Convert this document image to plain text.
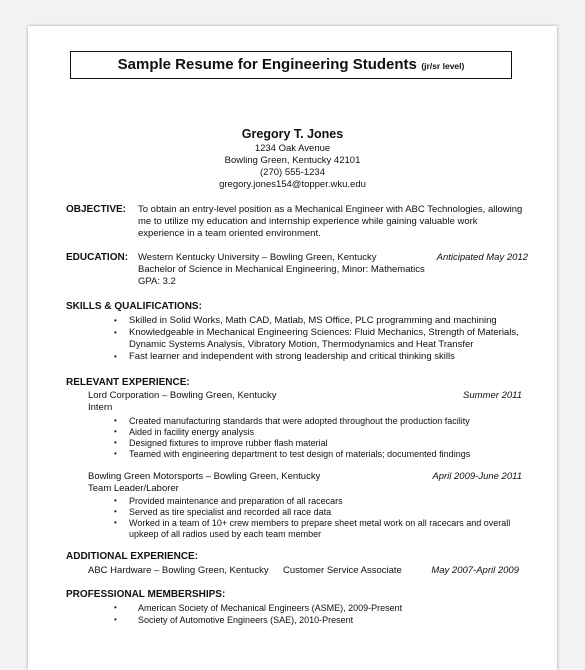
Sample Resume for Engineering Students (jr/sr level)
Gregory T. Jones
1234 Oak Avenue
Bowling Green, Kentucky 42101
(270) 555-1234
gregory.jones154@topper.wku.edu
OBJECTIVE: To obtain an entry-level position as a Mechanical Engineer with ABC Technologies, allowing
me to utilize my education and internship experience while gaining valuable work
experience in a team oriented environment.
EDUCATION: Western Kentucky University – Bowling Green, Kentucky	Anticipated May 2012
Bachelor of Science in Mechanical Engineering, Minor: Mathematics
GPA: 3.2
SKILLS & QUALIFICATIONS:
• Skilled in Solid Works, Math CAD, Matlab, MS Office, PLC programming and machining
• Knowledgeable in Mechanical Engineering Sciences: Fluid Mechanics, Strength of Materials,
Dynamic Systems Analysis, Vibratory Motion, Thermodynamics and Heat Transfer
• Fast learner and independent with strong leadership and critical thinking skills
RELEVANT EXPERIENCE:
Lord Corporation – Bowling Green, Kentucky	Summer 2011
Intern
• Created manufacturing standards that were adopted throughout the production facility
• Aided in facility energy analysis
• Designed fixtures to improve rubber flash material
• Teamed with engineering department to test design of materials; documented findings
Bowling Green Motorsports – Bowling Green, Kentucky	April 2009-June 2011
Team Leader/Laborer
• Provided maintenance and preparation of all racecars
• Served as tire specialist and recorded all race data
• Worked in a team of 10+ crew members to prepare sheet metal work on all racecars and overall
upkeep of all radios used by each team member
ADDITIONAL EXPERIENCE:
ABC Hardware – Bowling Green, Kentucky Customer Service Associate	May 2007-April 2009
PROFESSIONAL MEMBERSHIPS:
• American Society of Mechanical Engineers (ASME), 2009-Present
• Society of Automotive Engineers (SAE), 2010-Present
